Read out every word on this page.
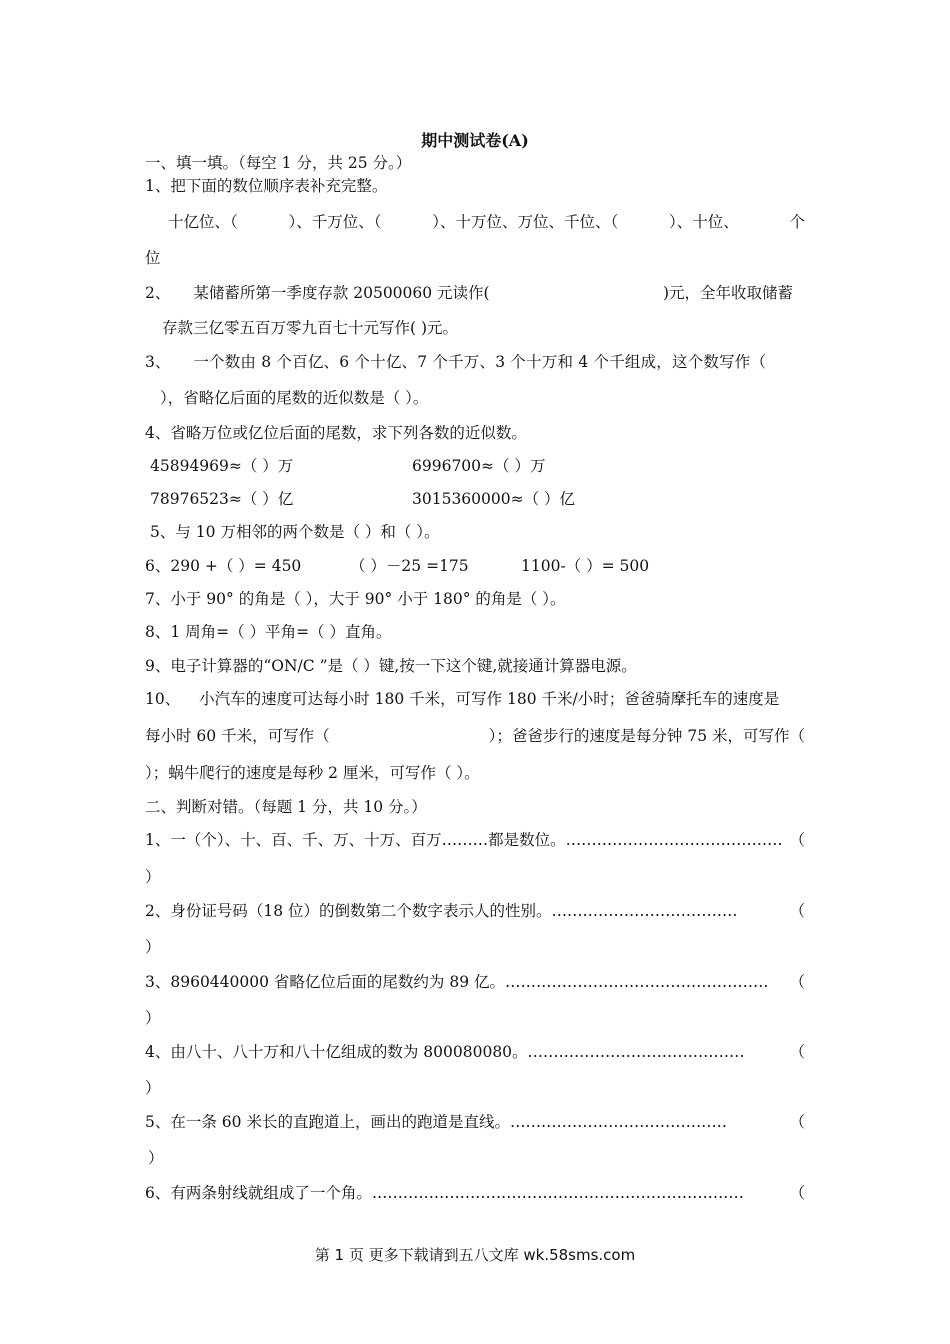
期中测试卷(A)
一、填一填。（每空 1 分，共 25 分。）
1、把下面的数位顺序表补充完整。
十亿位、（	）、千万位、（	）、十万位、万位、千位、（	）、十位、	个
位
2、 某储蓄所第一季度存款 20500060 元读作(	)元，全年收取储蓄
存款三亿零五百万零九百七十元写作( )元。
3、 一个数由 8 个百亿、6 个十亿、7 个千万、3 个十万和 4 个千组成，这个数写作（
），省略亿后面的尾数的近似数是（ ）。
4、省略万位或亿位后面的尾数，求下列各数的近似数。
45894969≈（ ）万	6996700≈（ ）万
78976523≈（ ）亿	3015360000≈（ ）亿
5、与 10 万相邻的两个数是（ ）和（ ）。
6、290 +（ ）= 450	（ ）－25 =175	1100-（ ）= 500
7、小于 90° 的角是（ ），大于 90° 小于 180° 的角是（ ）。
8、1 周角=（ ）平角=（ ）直角。
9、电子计算器的“ON/C ”是（ ）键,按一下这个键,就接通计算器电源。
10、 小汽车的速度可达每小时 180 千米，可写作 180 千米/小时；爸爸骑摩托车的速度是
每小时 60 千米，可写作（	）；爸爸步行的速度是每分钟 75 米，可写作（
）；蜗牛爬行的速度是每秒 2 厘米，可写作（ ）。
二、判断对错。（每题 1 分，共 10 分。）
1、一（个）、十、百、千、万、十万、百万………都是数位。…………………………………… （
）
2、身份证号码（18 位）的倒数第二个数字表示人的性别。………………………………	（
）
3、8960440000 省略亿位后面的尾数约为 89 亿。…………………………………………… （
）
4、由八十、八十万和八十亿组成的数为 800080080。……………………………………	（
）
5、在一条 60 米长的直跑道上，画出的跑道是直线。……………………………………	（
）
6、有两条射线就组成了一个角。………………………………………………………………	（
第 1 页 更多下载请到五八文库 wk.58sms.com
